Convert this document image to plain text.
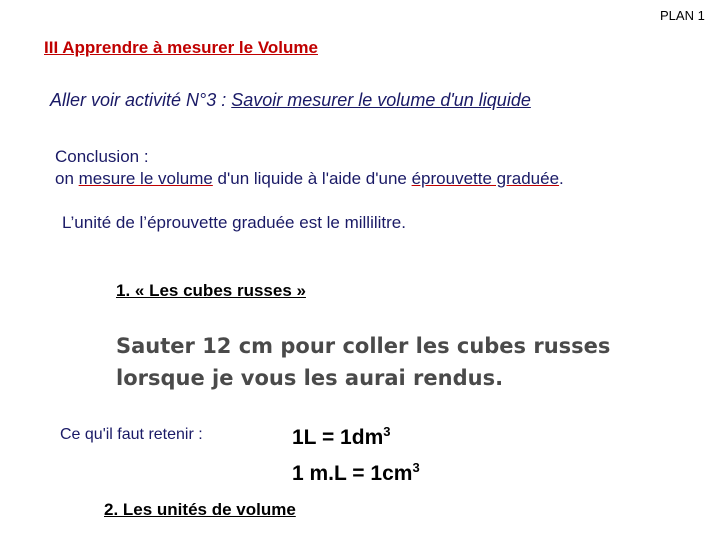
PLAN 1
III Apprendre à mesurer le Volume
Aller voir activité N°3 : Savoir mesurer le volume d'un liquide
Conclusion :
on mesure le volume d'un liquide à l'aide d'une éprouvette graduée.
L’unité de l’éprouvette graduée est le millilitre.
1. « Les cubes russes »
Sauter 12 cm pour coller les cubes russes
lorsque je vous les aurai rendus.
Ce qu'il faut retenir :	$1L = 1dm^3$
1 $m.L = 1cm^3$
2. Les unités de volume
